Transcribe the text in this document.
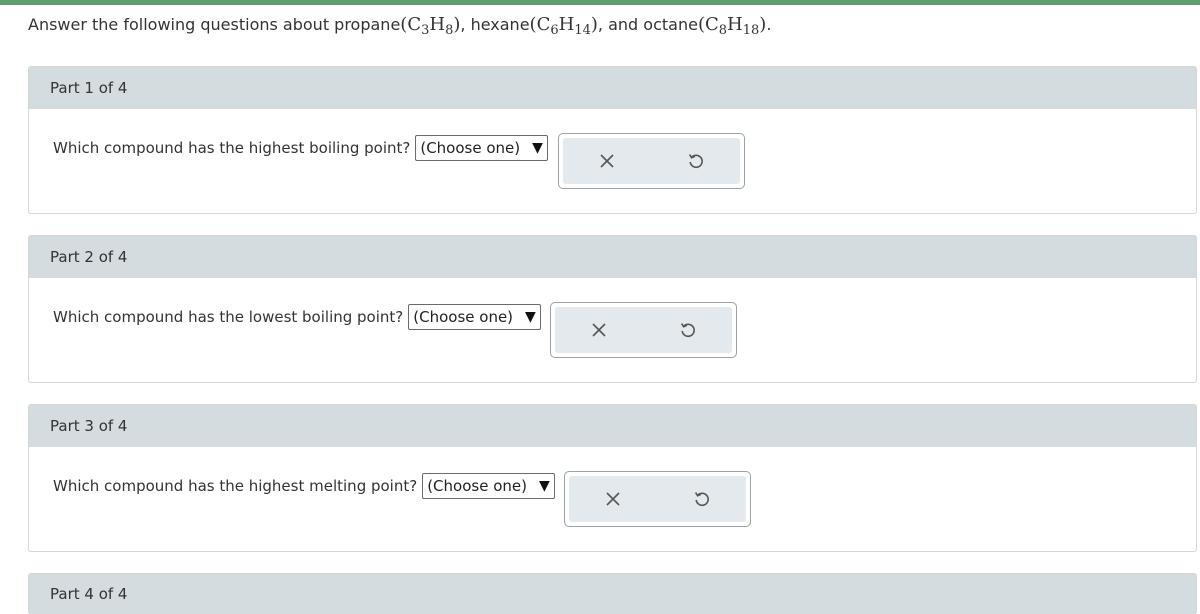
Answer the following questions about $propane(C_3H_8)$, $hexane(C_6H_{14})$, and $octane(C_8H_{18})$.
Part 1 of 4
Which compound has the highest boiling point? (Choose one) ▼
Part 2 of 4
Which compound has the lowest boiling point? (Choose one) ▼
Part 3 of 4
Which compound has the highest melting point? (Choose one) ▼
Part 4 of 4
